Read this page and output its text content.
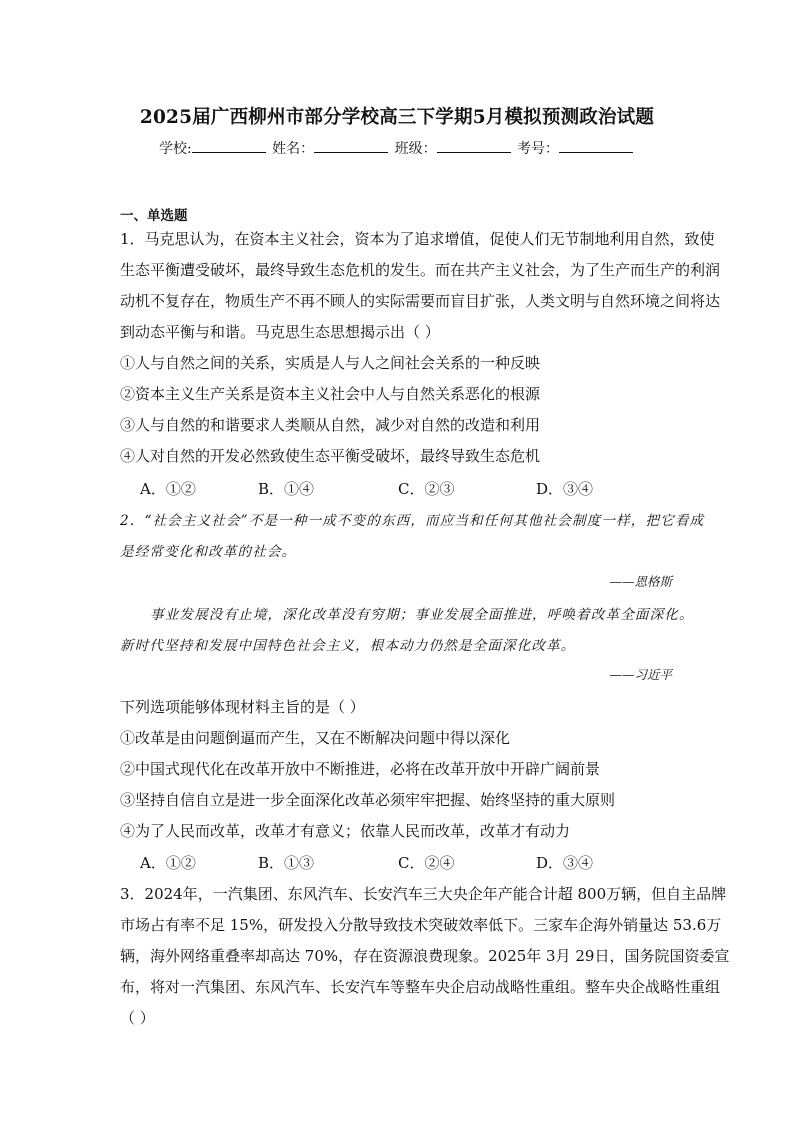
2025届广西柳州市部分学校高三下学期5月模拟预测政治试题
学校:	姓名：	班级：	考号：
一、单选题
1．马克思认为，在资本主义社会，资本为了追求增值，促使人们无节制地利用自然，致使
生态平衡遭受破坏，最终导致生态危机的发生。而在共产主义社会，为了生产而生产的利润
动机不复存在，物质生产不再不顾人的实际需要而盲目扩张，人类文明与自然环境之间将达
到动态平衡与和谐。马克思生态思想揭示出（ ）
①人与自然之间的关系，实质是人与人之间社会关系的一种反映
②资本主义生产关系是资本主义社会中人与自然关系恶化的根源
③人与自然的和谐要求人类顺从自然，减少对自然的改造和利用
④人对自然的开发必然致使生态平衡受破坏，最终导致生态危机
A．①②	B．①④	C．②③	D．③④
2．“社会主义社会”不是一种一成不变的东西，而应当和任何其他社会制度一样，把它看成
是经常变化和改革的社会。
——恩格斯
事业发展没有止境，深化改革没有穷期；事业发展全面推进，呼唤着改革全面深化。
新时代坚持和发展中国特色社会主义，根本动力仍然是全面深化改革。
——习近平
下列选项能够体现材料主旨的是（ ）
①改革是由问题倒逼而产生，又在不断解决问题中得以深化
②中国式现代化在改革开放中不断推进，必将在改革开放中开辟广阔前景
③坚持自信自立是进一步全面深化改革必须牢牢把握、始终坚持的重大原则
④为了人民而改革，改革才有意义；依靠人民而改革，改革才有动力
A．①②	B．①③	C．②④	D．③④
3．2024年，一汽集团、东风汽车、长安汽车三大央企年产能合计超 800万辆，但自主品牌
市场占有率不足 15%，研发投入分散导致技术突破效率低下。三家车企海外销量达 53.6万
辆，海外网络重叠率却高达 70%，存在资源浪费现象。2025年 3月 29日，国务院国资委宣
布，将对一汽集团、东风汽车、长安汽车等整车央企启动战略性重组。整车央企战略性重组
（ ）
